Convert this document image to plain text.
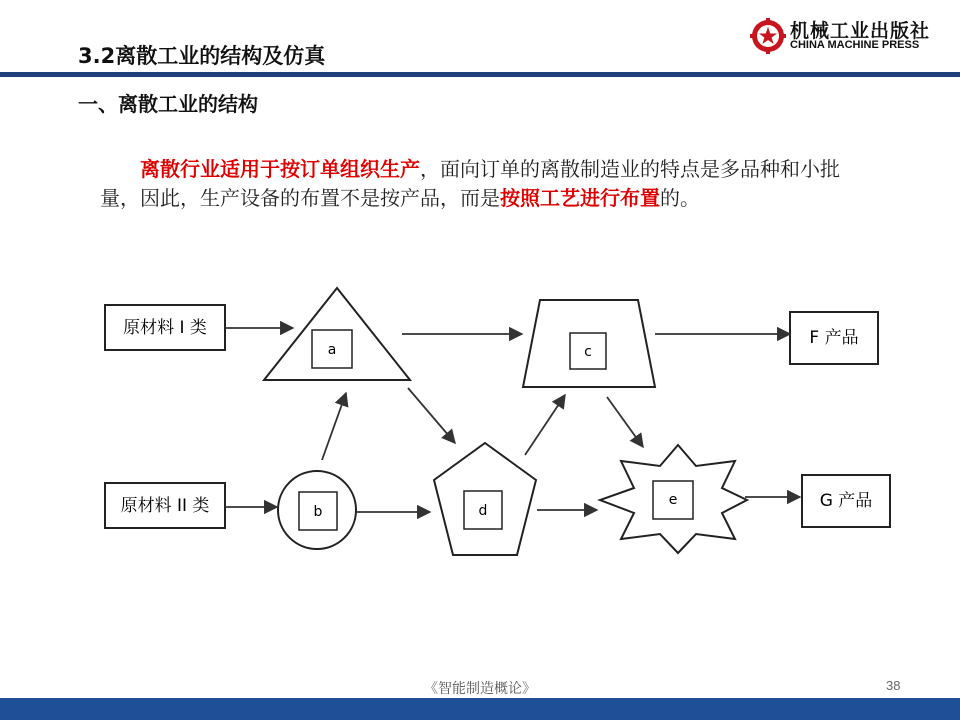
3.2离散工业的结构及仿真
机械工业出版社
CHINA MACHINE PRESS
一、离散工业的结构
离散行业适用于按订单组织生产，面向订单的离散制造业的特点是多品种和小批量，因此，生产设备的布置不是按产品，而是按照工艺进行布置的。
原材料 I 类
原材料 II 类
a	c
F 产品
b	d
e	G 产品
《智能制造概论》	38
